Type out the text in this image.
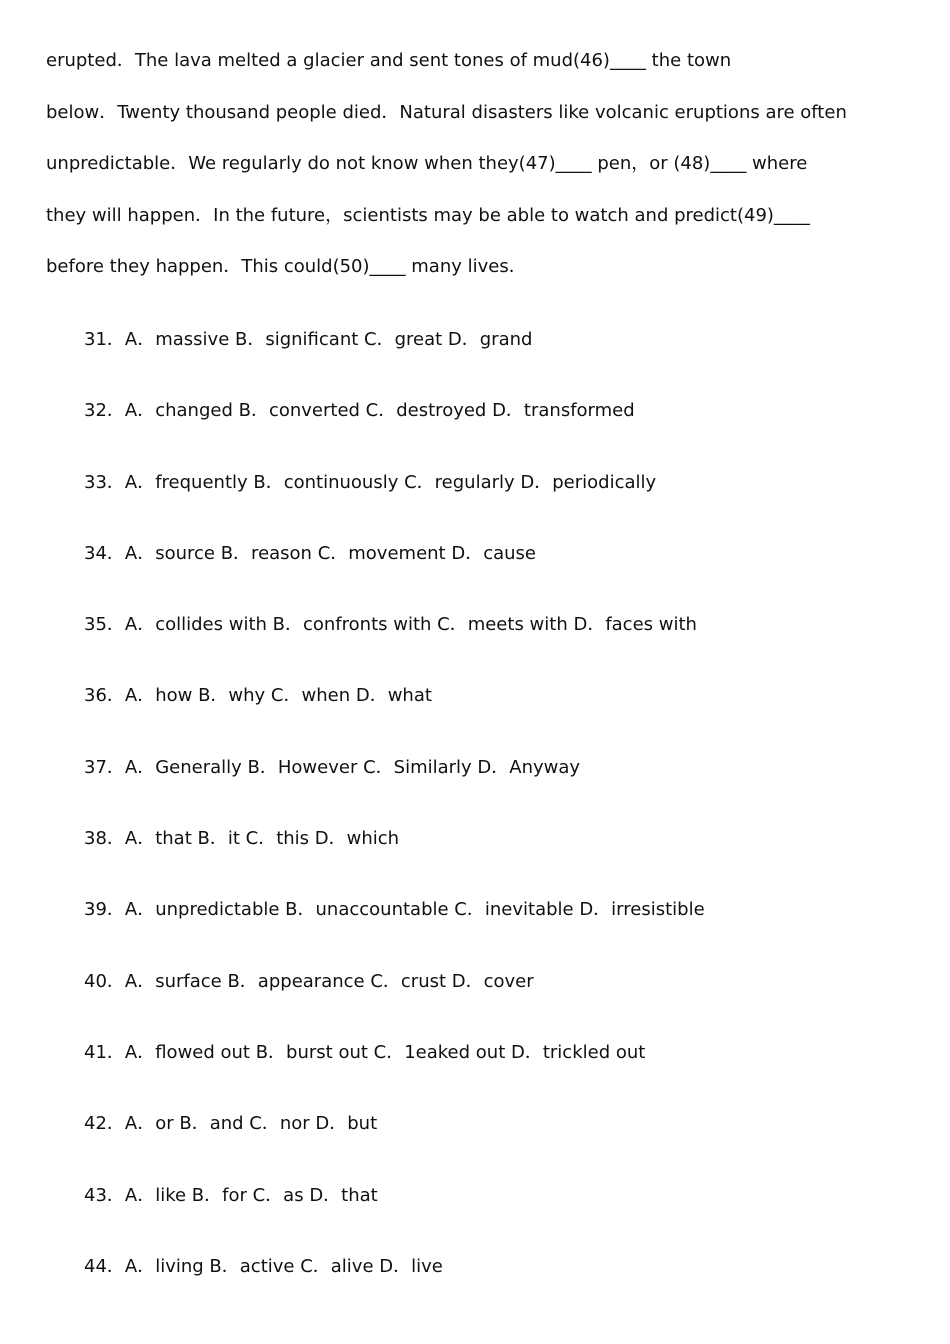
erupted．The lava melted a glacier and sent tones of mud(46)____ the town
below．Twenty thousand people died．Natural disasters like volcanic eruptions are often
unpredictable．We regularly do not know when they(47)____ pen，or (48)____ where
they will happen．In the future，scientists may be able to watch and predict(49)____
before they happen．This could(50)____ many lives．
31．A．massive B．significant C．great D．grand
32．A．changed B．converted C．destroyed D．transformed
33．A．frequently B．continuously C．regularly D．periodically
34．A．source B．reason C．movement D．cause
35．A．collides with B．confronts with C．meets with D．faces with
36．A．how B．why C．when D．what
37．A．Generally B．However C．Similarly D．Anyway
38．A．that B．it C．this D．which
39．A．unpredictable B．unaccountable C．inevitable D．irresistible
40．A．surface B．appearance C．crust D．cover
41．A．flowed out B．burst out C．1eaked out D．trickled out
42．A．or B．and C．nor D．but
43．A．like B．for C．as D．that
44．A．living B．active C．alive D．live
